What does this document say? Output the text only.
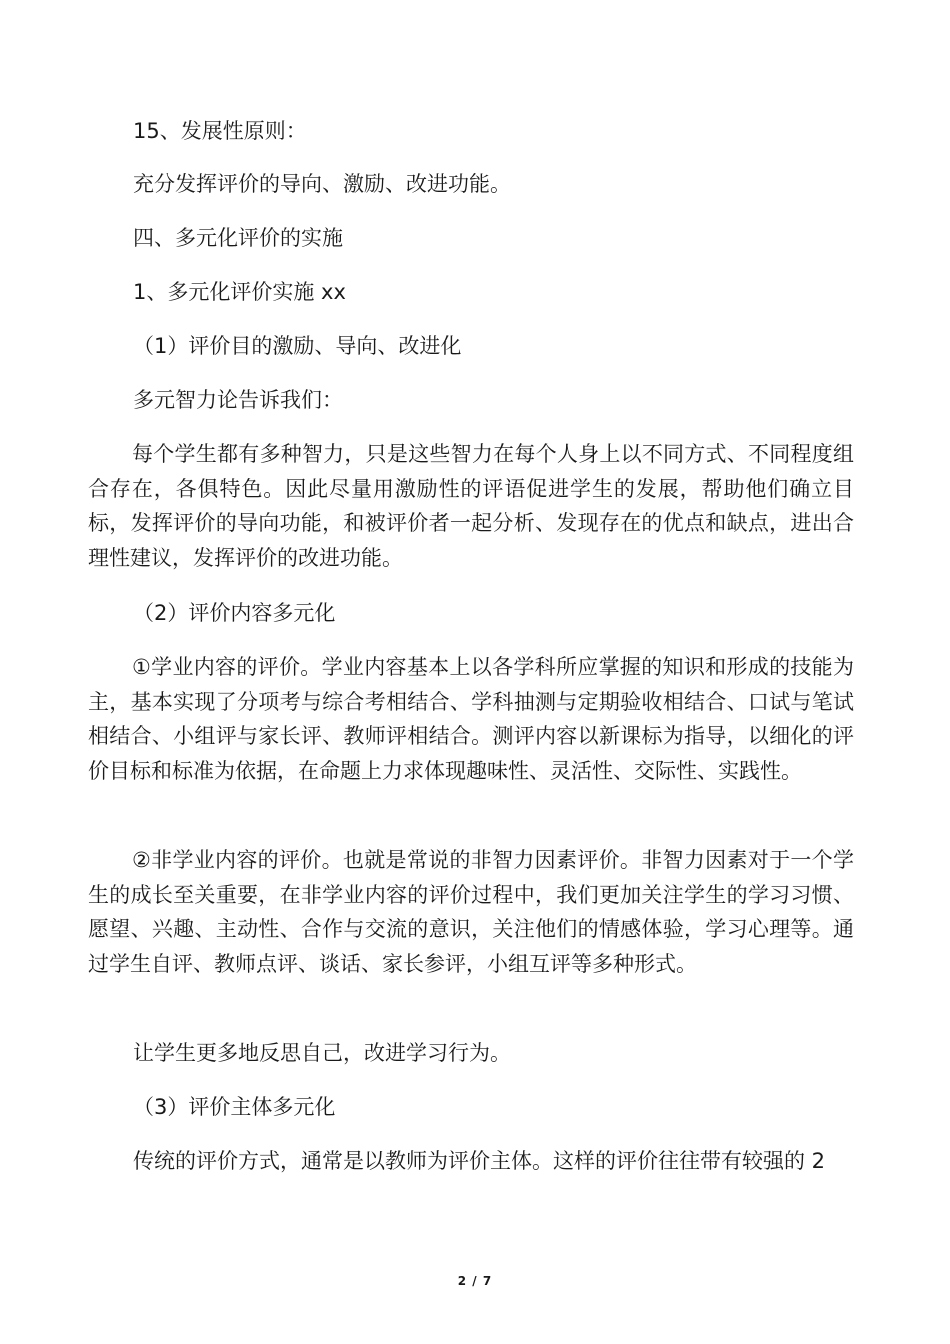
15、发展性原则：

充分发挥评价的导向、激励、改进功能。

四、多元化评价的实施

1、多元化评价实施 xx

（1）评价目的激励、导向、改进化

多元智力论告诉我们：

每个学生都有多种智力，只是这些智力在每个人身上以不同方式、不同程度组合存在，各俱特色。因此尽量用激励性的评语促进学生的发展，帮助他们确立目标，发挥评价的导向功能，和被评价者一起分析、发现存在的优点和缺点，进出合理性建议，发挥评价的改进功能。

（2）评价内容多元化

①学业内容的评价。学业内容基本上以各学科所应掌握的知识和形成的技能为主，基本实现了分项考与综合考相结合、学科抽测与定期验收相结合、口试与笔试相结合、小组评与家长评、教师评相结合。测评内容以新课标为指导，以细化的评价目标和标准为依据，在命题上力求体现趣味性、灵活性、交际性、实践性。

②非学业内容的评价。也就是常说的非智力因素评价。非智力因素对于一个学生的成长至关重要，在非学业内容的评价过程中，我们更加关注学生的学习习惯、愿望、兴趣、主动性、合作与交流的意识，关注他们的情感体验，学习心理等。通过学生自评、教师点评、谈话、家长参评，小组互评等多种形式。

让学生更多地反思自己，改进学习行为。

（3）评价主体多元化

传统的评价方式，通常是以教师为评价主体。这样的评价往往带有较强的 2

2 / 7
